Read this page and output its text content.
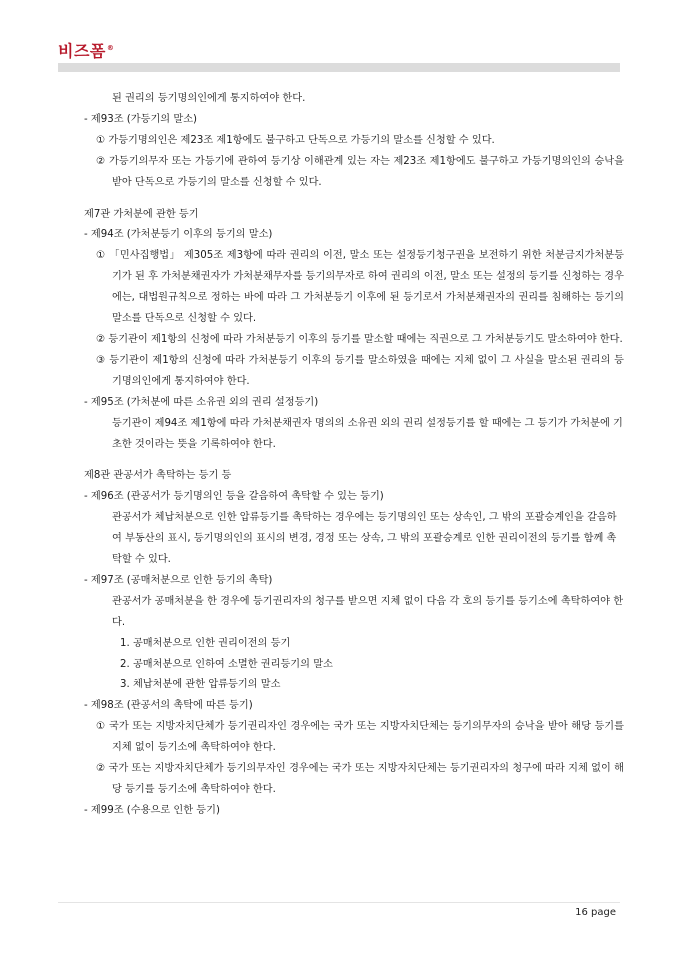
비즈폼®

된 권리의 등기명의인에게 통지하여야 한다.

- 제93조 (가등기의 말소)

① 가등기명의인은 제23조 제1항에도 불구하고 단독으로 가등기의 말소를 신청할 수 있다.

② 가등기의무자 또는 가등기에 관하여 등기상 이해관계 있는 자는 제23조 제1항에도 불구하고 가등기명의인의 승낙을 받아 단독으로 가등기의 말소를 신청할 수 있다.

제7관 가처분에 관한 등기

- 제94조 (가처분등기 이후의 등기의 말소)

① 「민사집행법」 제305조 제3항에 따라 권리의 이전, 말소 또는 설정등기청구권을 보전하기 위한 처분금지가처분등기가 된 후 가처분채권자가 가처분채무자를 등기의무자로 하여 권리의 이전, 말소 또는 설정의 등기를 신청하는 경우에는, 대법원규칙으로 정하는 바에 따라 그 가처분등기 이후에 된 등기로서 가처분채권자의 권리를 침해하는 등기의 말소를 단독으로 신청할 수 있다.

② 등기관이 제1항의 신청에 따라 가처분등기 이후의 등기를 말소할 때에는 직권으로 그 가처분등기도 말소하여야 한다.

③ 등기관이 제1항의 신청에 따라 가처분등기 이후의 등기를 말소하였을 때에는 지체 없이 그 사실을 말소된 권리의 등기명의인에게 통지하여야 한다.

- 제95조 (가처분에 따른 소유권 외의 권리 설정등기)

등기관이 제94조 제1항에 따라 가처분채권자 명의의 소유권 외의 권리 설정등기를 할 때에는 그 등기가 가처분에 기초한 것이라는 뜻을 기록하여야 한다.

제8관 관공서가 촉탁하는 등기 등

- 제96조 (관공서가 등기명의인 등을 갈음하여 촉탁할 수 있는 등기)

관공서가 체납처분으로 인한 압류등기를 촉탁하는 경우에는 등기명의인 또는 상속인, 그 밖의 포괄승계인을 갈음하여 부동산의 표시, 등기명의인의 표시의 변경, 경정 또는 상속, 그 밖의 포괄승계로 인한 권리이전의 등기를 함께 촉탁할 수 있다.

- 제97조 (공매처분으로 인한 등기의 촉탁)

관공서가 공매처분을 한 경우에 등기권리자의 청구를 받으면 지체 없이 다음 각 호의 등기를 등기소에 촉탁하여야 한다.

1. 공매처분으로 인한 권리이전의 등기

2. 공매처분으로 인하여 소멸한 권리등기의 말소

3. 체납처분에 관한 압류등기의 말소

- 제98조 (관공서의 촉탁에 따른 등기)

① 국가 또는 지방자치단체가 등기권리자인 경우에는 국가 또는 지방자치단체는 등기의무자의 승낙을 받아 해당 등기를 지체 없이 등기소에 촉탁하여야 한다.

② 국가 또는 지방자치단체가 등기의무자인 경우에는 국가 또는 지방자치단체는 등기권리자의 청구에 따라 지체 없이 해당 등기를 등기소에 촉탁하여야 한다.

- 제99조 (수용으로 인한 등기)

16 page
